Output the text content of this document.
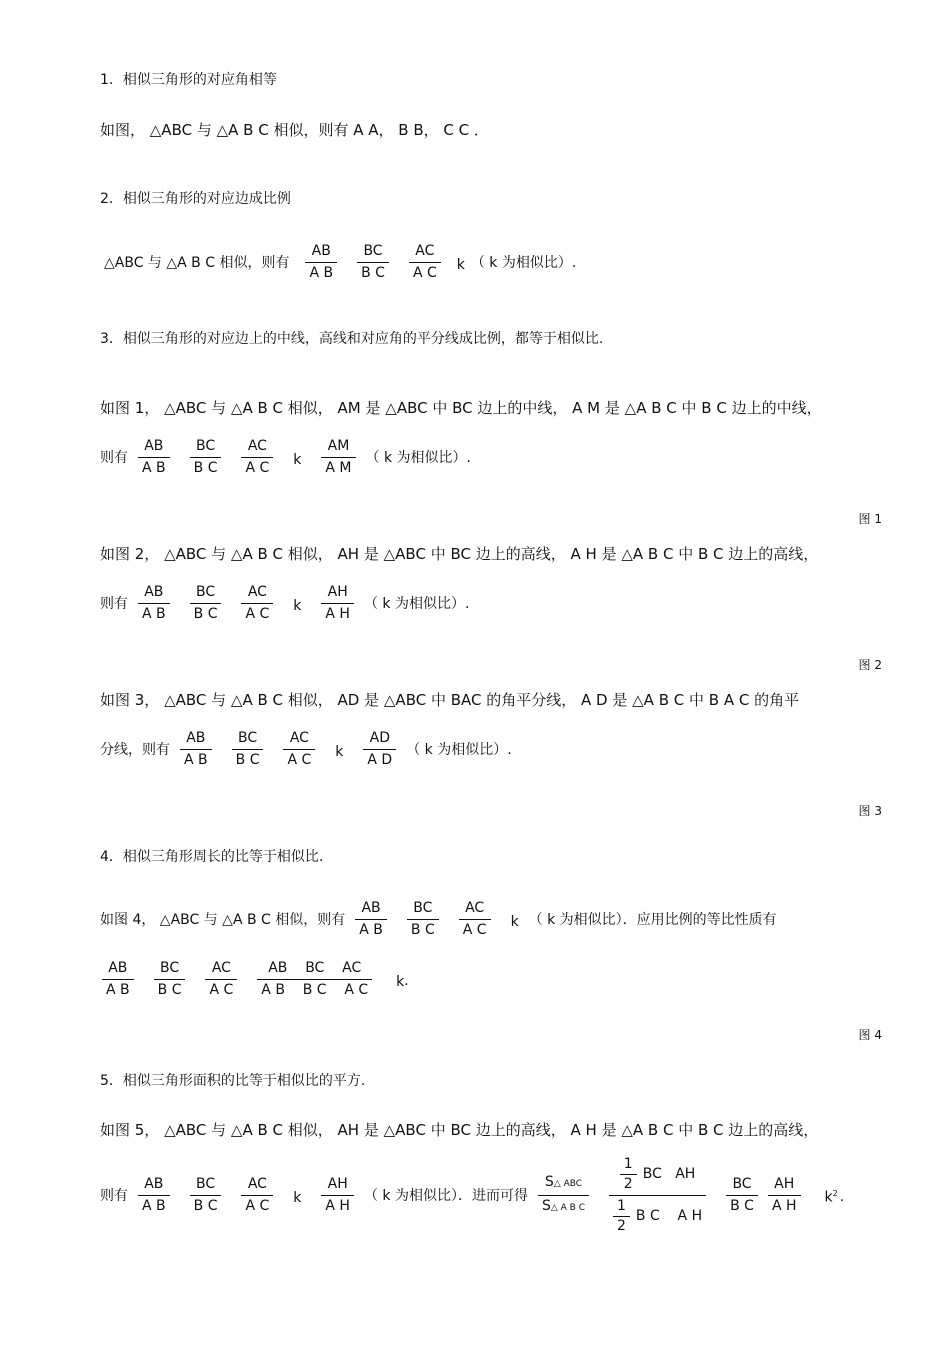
1．相似三角形的对应角相等
如图， △ABC 与 △A B C 相似，则有 A A， B B， C C ．
2．相似三角形的对应边成比例
△ABC 与 △A B C 相似，则有 $\frac{AB}{\text{A B}} \frac{BC}{\text{B C}} \frac{AC}{\text{A C}}$ k （ k 为相似比）.
3．相似三角形的对应边上的中线，高线和对应角的平分线成比例，都等于相似比.
如图 1， △ABC 与 △A B C 相似， AM 是 △ABC 中 BC 边上的中线， A M 是 △A B C 中 B C 边上的中线，
则有 $\frac{AB}{\text{A B}} \frac{BC}{\text{B C}} \frac{AC}{\text{A C}}$ k $\frac{AM}{\text{A M}}$ （ k 为相似比）.
图 1
如图 2， △ABC 与 △A B C 相似， AH 是 △ABC 中 BC 边上的高线， A H 是 △A B C 中 B C 边上的高线，
则有 $\frac{AB}{\text{A B}} \frac{BC}{\text{B C}} \frac{AC}{\text{A C}}$ k $\frac{AH}{\text{A H}}$ （ k 为相似比）.
图 2
如图 3， △ABC 与 △A B C 相似， AD 是 △ABC 中 BAC 的角平分线， A D 是 △A B C 中 B A C 的角平
分线，则有 $\frac{AB}{\text{A B}} \frac{BC}{\text{B C}} \frac{AC}{\text{A C}}$ k $\frac{AD}{\text{A D}}$ （ k 为相似比）.
图 3
4．相似三角形周长的比等于相似比.
如图 4， △ABC 与 △A B C 相似，则有 $\frac{AB}{\text{A B}} \frac{BC}{\text{B C}} \frac{AC}{\text{A C}}$ k （ k 为相似比）．应用比例的等比性质有
$\frac{AB}{\text{A B}} \frac{BC}{\text{B C}} \frac{AC}{\text{A C}} \frac{\text{AB    BC    AC}}{\text{A B    B C    A C}}$ k .
图 4
5．相似三角形面积的比等于相似比的平方.
如图 5， △ABC 与 △A B C 相似， AH 是 △ABC 中 BC 边上的高线， A H 是 △A B C 中 B C 边上的高线，
则有 $\frac{AB}{\text{A B}} \frac{BC}{\text{B C}} \frac{AC}{\text{A C}}$ k $\frac{AH}{\text{A H}}$ （ k 为相似比）．进而可得 $\frac{\text{S△ ABC}}{\text{S△ A B C}} \frac{\frac{1}{2} BC AH}{\frac{1}{2} B C A H} \frac{BC}{\text{B C}} \frac{AH}{\text{A H}} k^2$ .
